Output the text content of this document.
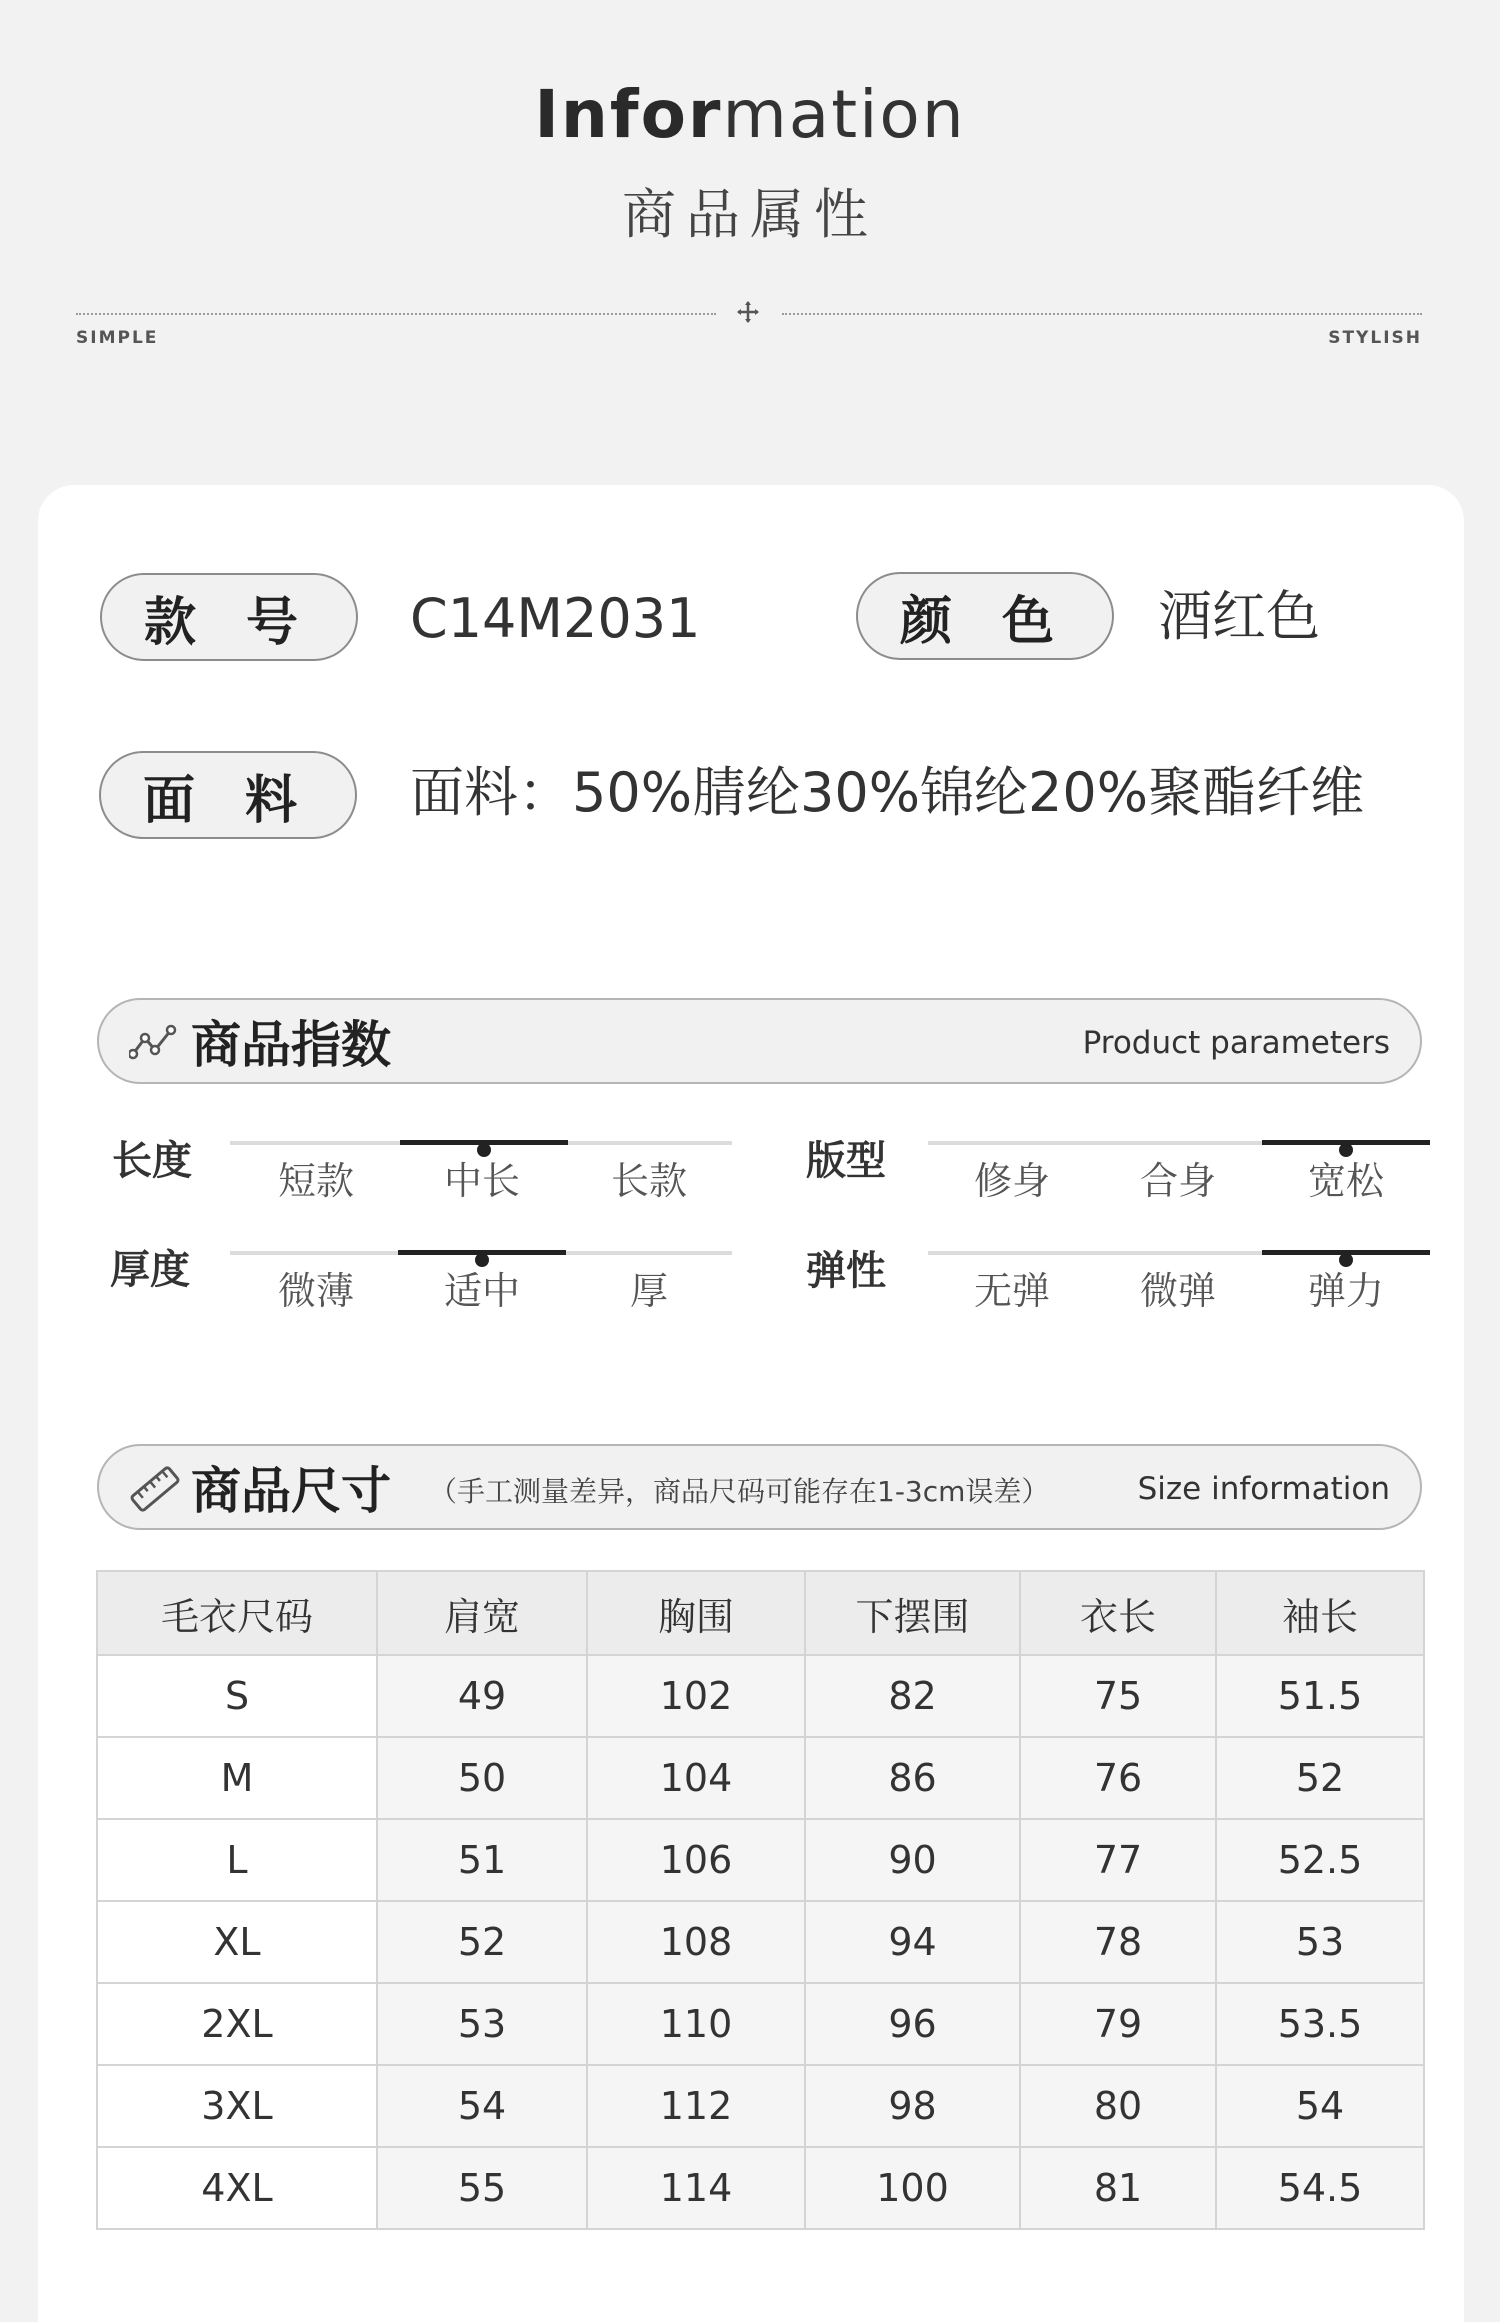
Information
商品属性
SIMPLE	STYLISH
款 号	C14M2031	颜 色	酒红色
面 料	面料：50%腈纶30%锦纶20%聚酯纤维
商品指数	Product parameters
长度	短款	中长	长款	版型	修身	合身	宽松
厚度	微薄	适中	厚	弹性	无弹	微弹	弹力
商品尺寸 （手工测量差异，商品尺码可能存在1-3cm误差）	Size information
毛衣尺码	肩宽	胸围	下摆围	衣长	袖长
S	49	102	82	75	51.5
M	50	104	86	76	52
L	51	106	90	77	52.5
XL	52	108	94	78	53
2XL	53	110	96	79	53.5
3XL	54	112	98	80	54
4XL	55	114	100	81	54.5
